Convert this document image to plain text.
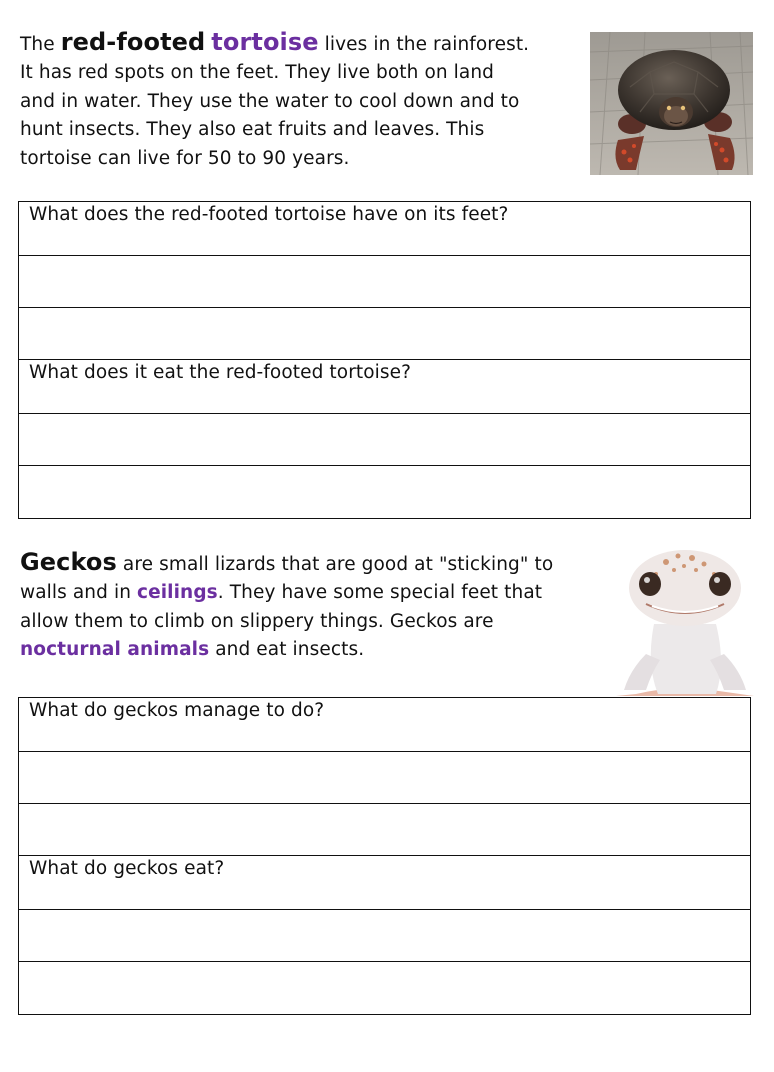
The red-footed tortoise lives in the rainforest.
It has red spots on the feet. They live both on land
and in water. They use the water to cool down and to
hunt insects. They also eat fruits and leaves. This
tortoise can live for 50 to 90 years.
What does the red-footed tortoise have on its feet?
What does it eat the red-footed tortoise?
Geckos are small lizards that are good at "sticking" to
walls and in ceilings. They have some special feet that
allow them to climb on slippery things. Geckos are
nocturnal animals and eat insects.
What do geckos manage to do?
What do geckos eat?
